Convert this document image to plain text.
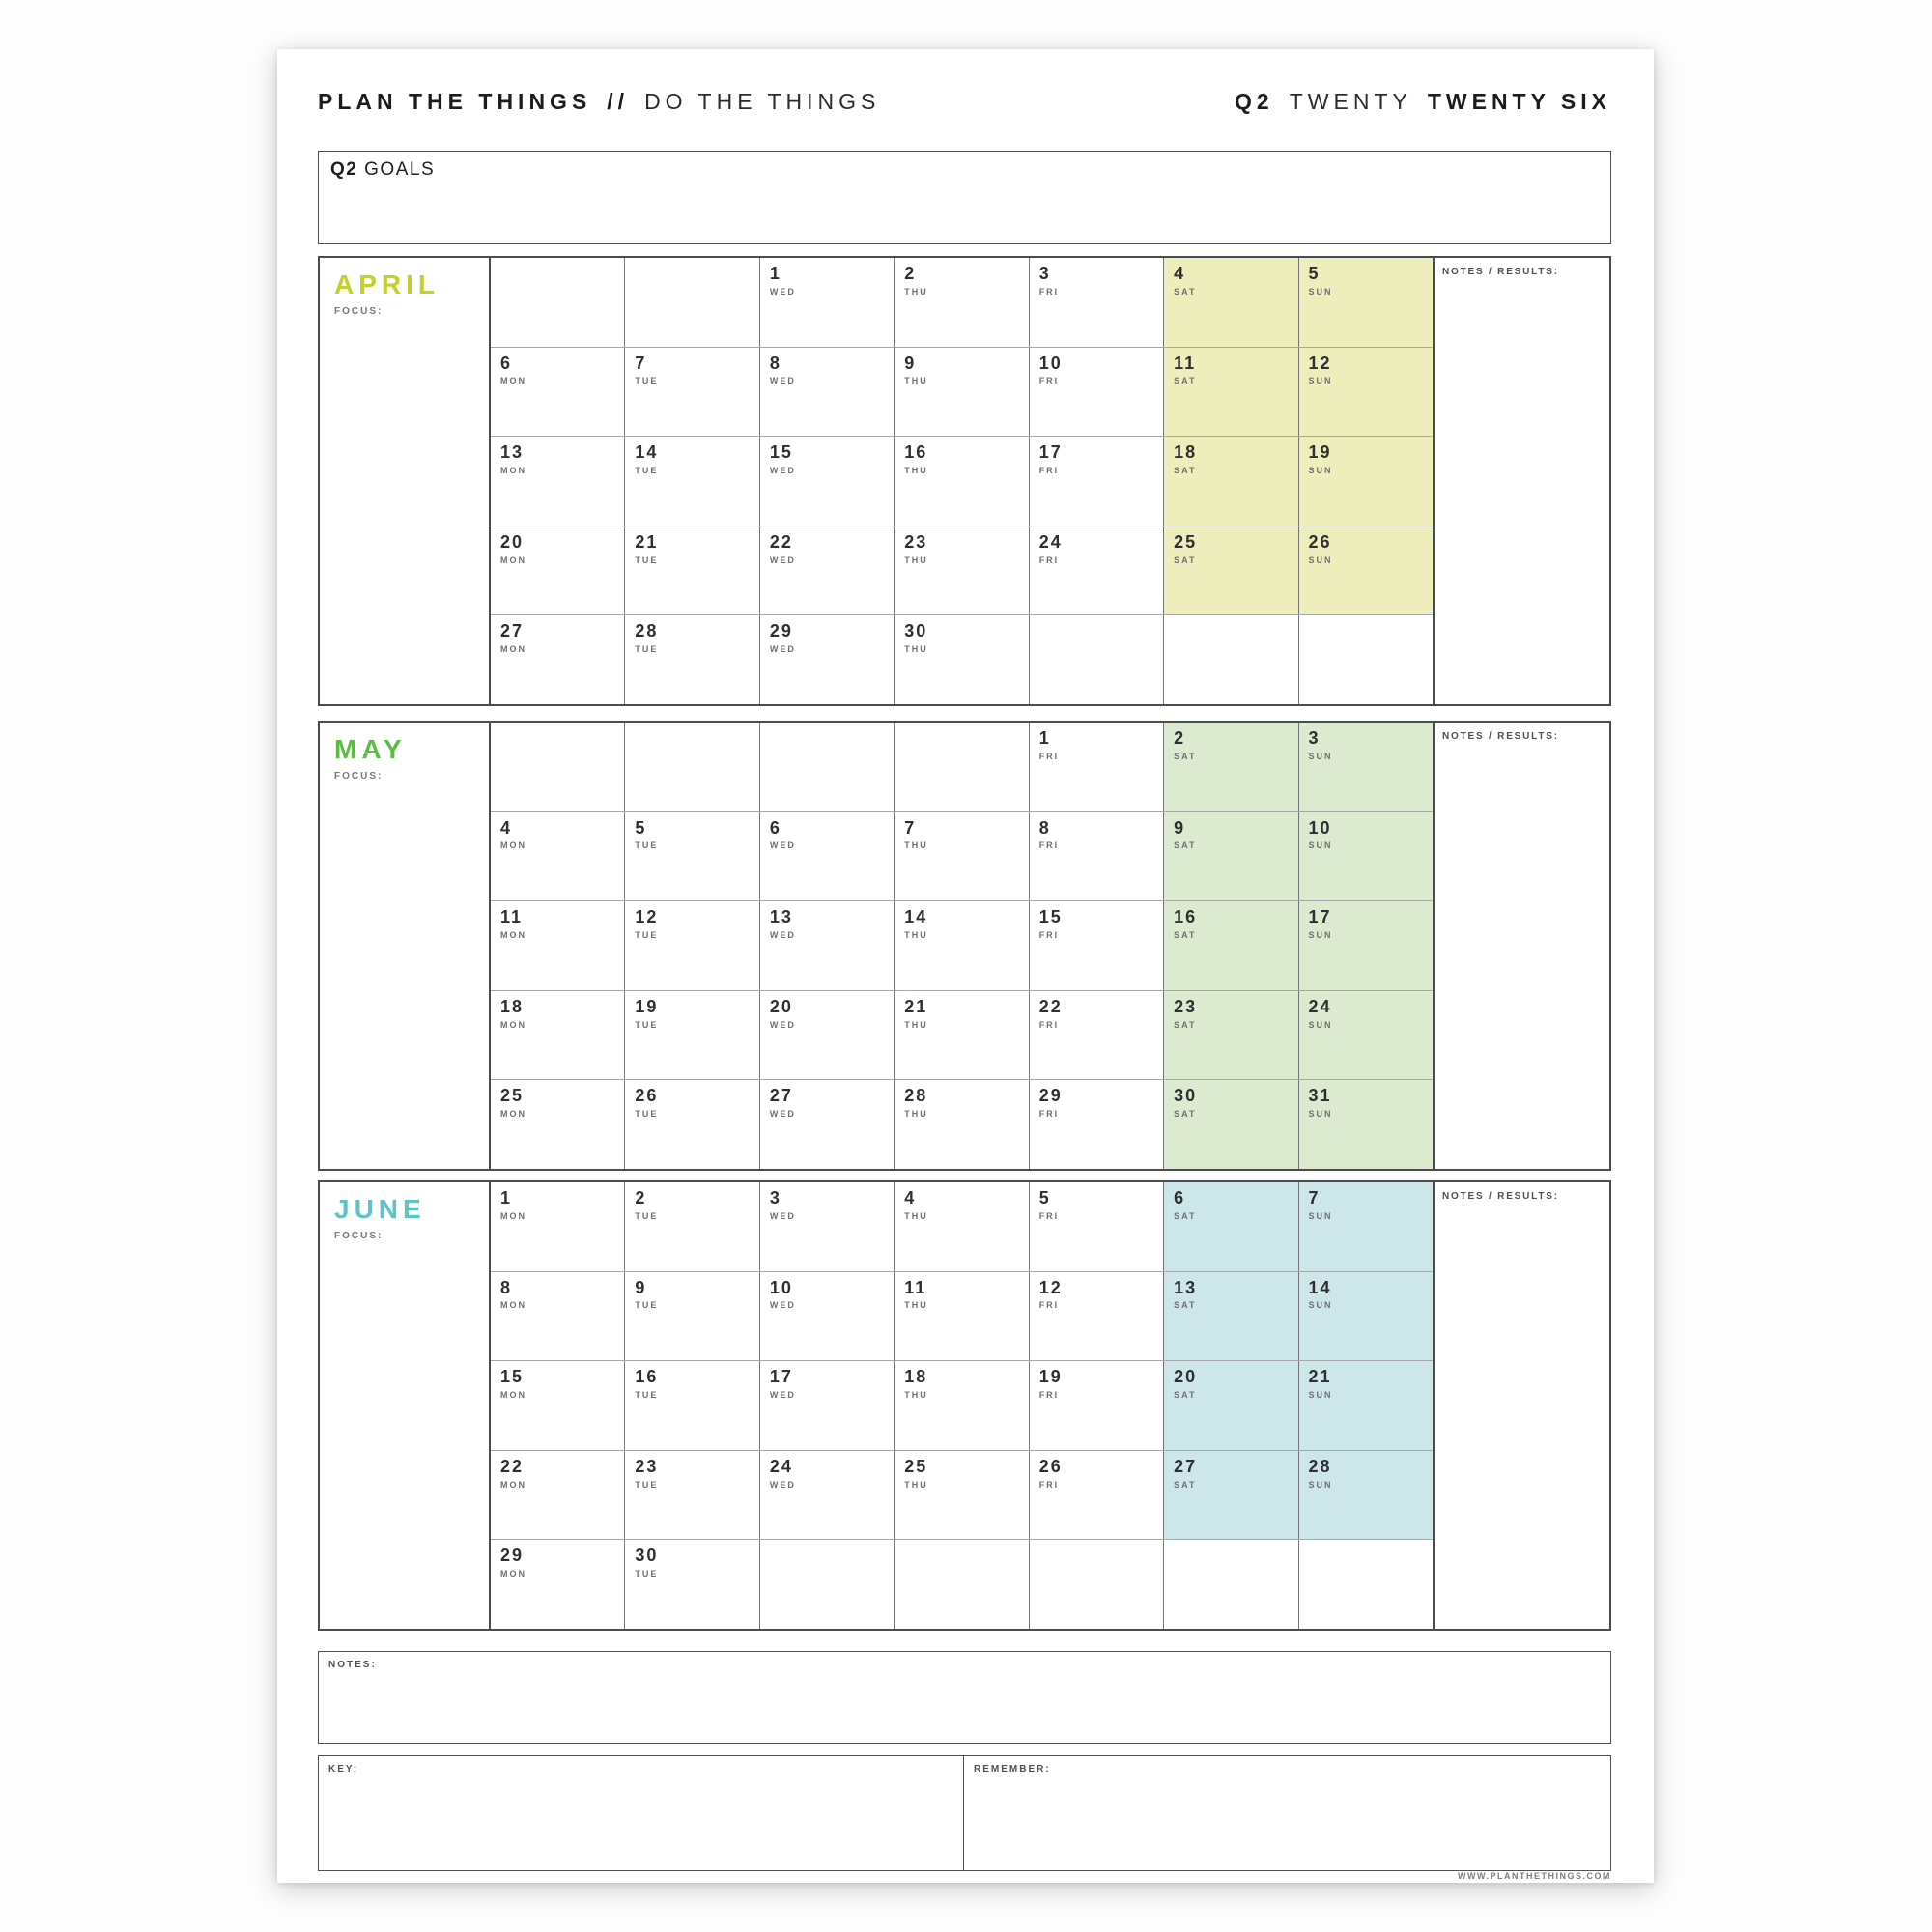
PLAN THE THINGS // DO THE THINGS	Q2 TWENTY TWENTY SIX
Q2 GOALS
APRIL
FOCUS:
1
WED
2
THU
3
FRI
4
SAT
5
SUN
6
MON
7
TUE
8
WED
9
THU
10
FRI
11
SAT
12
SUN
13
MON
14
TUE
15
WED
16
THU
17
FRI
18
SAT
19
SUN
20
MON
21
TUE
22
WED
23
THU
24
FRI
25
SAT
26
SUN
27
MON
28
TUE
29
WED
30
THU
NOTES / RESULTS:
MAY
FOCUS:
1
FRI
2
SAT
3
SUN
4
MON
5
TUE
6
WED
7
THU
8
FRI
9
SAT
10
SUN
11
MON
12
TUE
13
WED
14
THU
15
FRI
16
SAT
17
SUN
18
MON
19
TUE
20
WED
21
THU
22
FRI
23
SAT
24
SUN
25
MON
26
TUE
27
WED
28
THU
29
FRI
30
SAT
31
SUN
NOTES / RESULTS:
JUNE
FOCUS:
1
MON
2
TUE
3
WED
4
THU
5
FRI
6
SAT
7
SUN
8
MON
9
TUE
10
WED
11
THU
12
FRI
13
SAT
14
SUN
15
MON
16
TUE
17
WED
18
THU
19
FRI
20
SAT
21
SUN
22
MON
23
TUE
24
WED
25
THU
26
FRI
27
SAT
28
SUN
29
MON
30
TUE
NOTES / RESULTS:
NOTES:
KEY:	REMEMBER:
WWW.PLANTHETHINGS.COM
